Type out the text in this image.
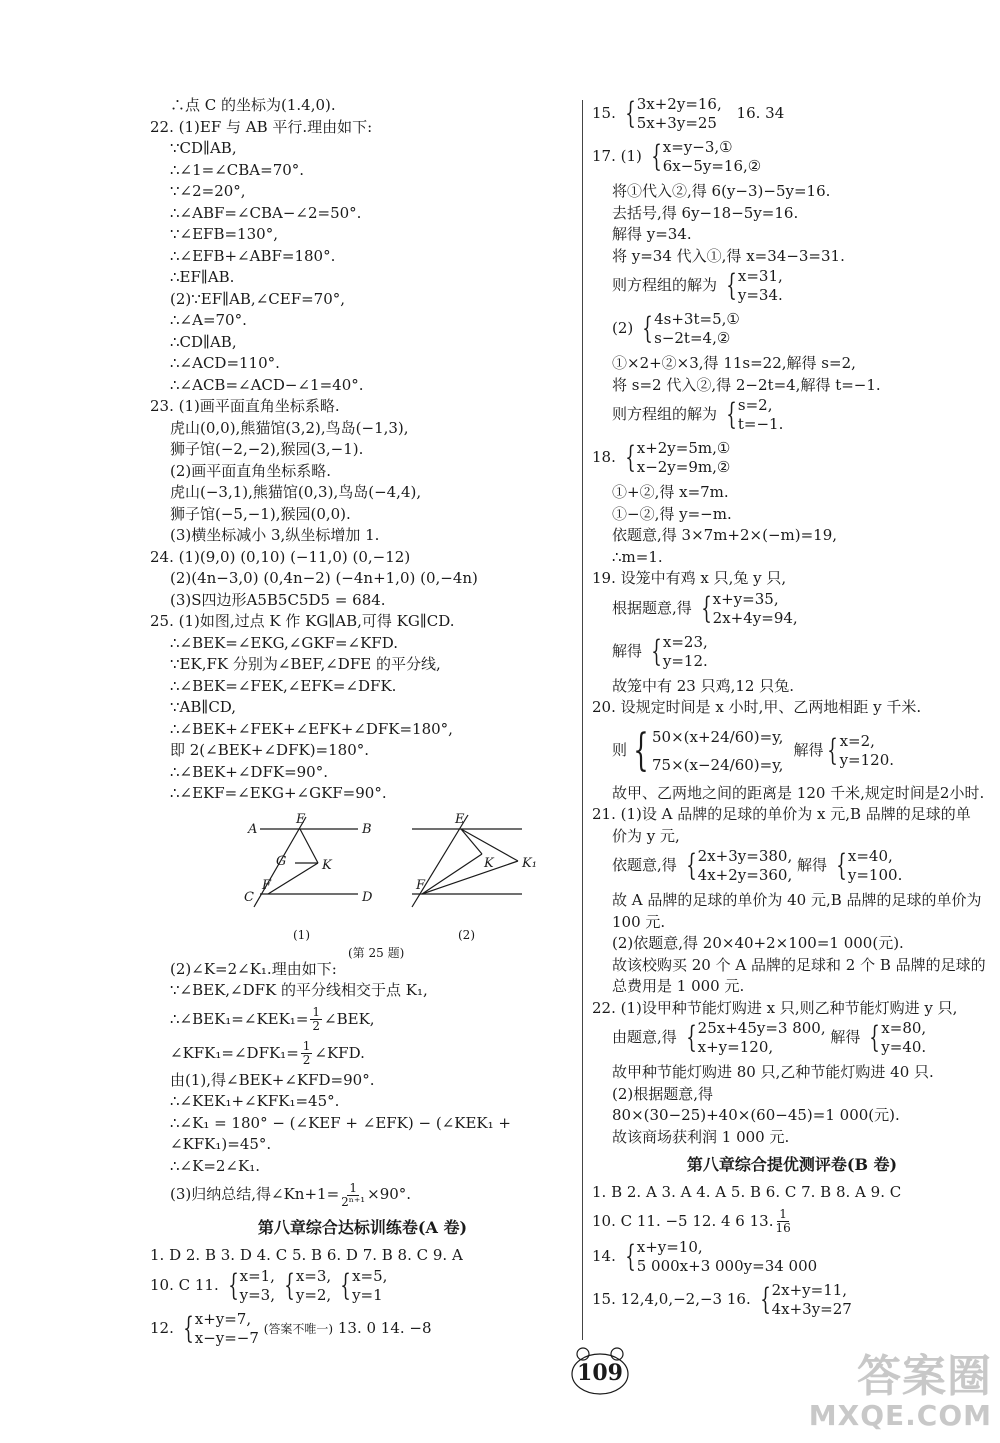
∴点 C 的坐标为(1.4,0).

22. (1)EF 与 AB 平行.理由如下:

∵CD∥AB,

∴∠1=∠CBA=70°.

∵∠2=20°,

∴∠ABF=∠CBA−∠2=50°.

∵∠EFB=130°,

∴∠EFB+∠ABF=180°.

∴EF∥AB.

(2)∵EF∥AB,∠CEF=70°,

∴∠A=70°.

∴CD∥AB,

∴∠ACD=110°.

∴∠ACB=∠ACD−∠1=40°.

23. (1)画平面直角坐标系略.

虎山(0,0),熊猫馆(3,2),鸟岛(−1,3),

狮子馆(−2,−2),猴园(3,−1).

(2)画平面直角坐标系略.

虎山(−3,1),熊猫馆(0,3),鸟岛(−4,4),

狮子馆(−5,−1),猴园(0,0).

(3)横坐标减小 3,纵坐标增加 1.

24. (1)(9,0) (0,10) (−11,0) (0,−12)

(2)(4n−3,0) (0,4n−2) (−4n+1,0) (0,−4n)

(3)S四边形A5B5C5D5 = 684.

25. (1)如图,过点 K 作 KG∥AB,可得 KG∥CD.

∴∠BEK=∠EKG,∠GKF=∠KFD.

∵EK,FK 分别为∠BEF,∠DFE 的平分线,

∴∠BEK=∠FEK,∠EFK=∠DFK.

∵AB∥CD,

∴∠BEK+∠FEK+∠EFK+∠DFK=180°,

即 2(∠BEK+∠DFK)=180°.

∴∠BEK+∠DFK=90°.

∴∠EKF=∠EKG+∠GKF=90°.

A
E
B
G	K
F
C	D
(1)
E
K K₁
F
(2)
(第 25 题)

(2)∠K=2∠K₁.理由如下:

∵∠BEK,∠DFK 的平分线相交于点 K₁,

∴∠BEK₁=∠KEK₁= $\frac{1}{2}$ ∠BEK,

∠KFK₁=∠DFK₁= $\frac{1}{2}$ ∠KFD.

由(1),得∠BEK+∠KFD=90°.

∴∠KEK₁+∠KFK₁=45°.

∴∠K₁ = 180° − (∠KEF + ∠EFK) − (∠KEK₁ +

∠KFK₁)=45°.

∴∠K=2∠K₁.

(3)归纳总结,得∠Kn+1= $\frac{1}{\text{2ⁿ⁺¹}} \times 90^\circ$.

第八章综合达标训练卷(A 卷)

1. D 2. B 3. D 4. C 5. B 6. D 7. B 8. C 9. A

10. C 11. { x=1,
y=3,
{ x=3,
y=2,
{ x=5,
y=1

12. { x+y=7,
x−y=−7 (答案不唯一) 13. 0 14. −8

15. { 3x+2y=16,
5x+3y=25
16. 34

17. (1) { x=y−3,①
6x−5y=16,②

将①代入②,得 6(y−3)−5y=16.

去括号,得 6y−18−5y=16.

解得 y=34.

将 y=34 代入①,得 x=34−3=31.

则方程组的解为 { x=31,
y=34.

(2) { 4s+3t=5,①
s−2t=4,②

①×2+②×3,得 11s=22,解得 s=2,

将 s=2 代入②,得 2−2t=4,解得 t=−1.

则方程组的解为 { s=2,
t=−1.

18. { x+2y=5m,①
x−2y=9m,②

①+②,得 x=7m.

①−②,得 y=−m.

依题意,得 3×7m+2×(−m)=19,

∴m=1.

19. 设笼中有鸡 x 只,兔 y 只,

根据题意,得 { x+y=35,
2x+4y=94,

解得 { x=23,
y=12.

故笼中有 23 只鸡,12 只兔.

20. 设规定时间是 x 小时,甲、乙两地相距 y 千米.

则 { 50×(x+24/60)=y,
75×(x−24/60)=y,
解得 { x=2,
y=120.

故甲、乙两地之间的距离是 120 千米,规定时间是2小时.

21. (1)设 A 品牌的足球的单价为 x 元,B 品牌的足球的单

价为 y 元,

依题意,得 { 2x+3y=380,
4x+2y=360,
解得 { x=40,
y=100.

故 A 品牌的足球的单价为 40 元,B 品牌的足球的单价为

100 元.

(2)依题意,得 20×40+2×100=1 000(元).

故该校购买 20 个 A 品牌的足球和 2 个 B 品牌的足球的

总费用是 1 000 元.

22. (1)设甲种节能灯购进 x 只,则乙种节能灯购进 y 只,

由题意,得 { 25x+45y=3 800,
x+y=120,
解得 { x=80,
y=40.

故甲种节能灯购进 80 只,乙种节能灯购进 40 只.

(2)根据题意,得

80×(30−25)+40×(60−45)=1 000(元).

故该商场获利润 1 000 元.

第八章综合提优测评卷(B 卷)

1. B 2. A 3. A 4. A 5. B 6. C 7. B 8. A 9. C

10. C 11. −5 12. 4 6 13. $\frac{1}{16}$

14. { x+y=10,
5 000x+3 000y=34 000

15. 12,4,0,−2,−3 16. { 2x+y=11,
4x+3y=27

109	答案圈
MXQE.COM
